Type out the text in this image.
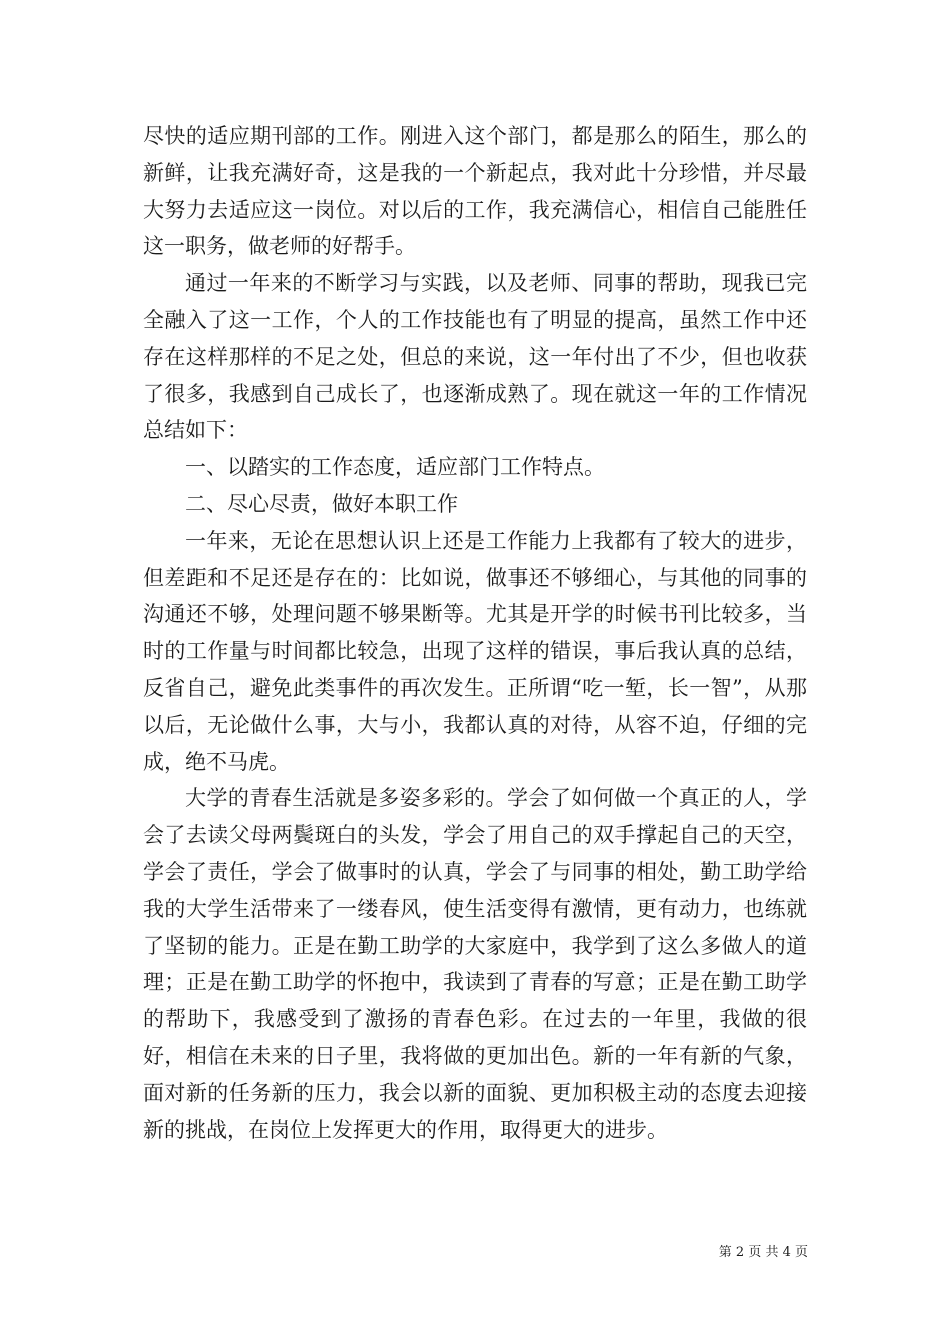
尽快的适应期刊部的工作。刚进入这个部门，都是那么的陌生，那么的新鲜，让我充满好奇，这是我的一个新起点，我对此十分珍惜，并尽最大努力去适应这一岗位。对以后的工作，我充满信心，相信自己能胜任这一职务，做老师的好帮手。

通过一年来的不断学习与实践，以及老师、同事的帮助，现我已完全融入了这一工作，个人的工作技能也有了明显的提高，虽然工作中还存在这样那样的不足之处，但总的来说，这一年付出了不少，但也收获了很多，我感到自己成长了，也逐渐成熟了。现在就这一年的工作情况总结如下：

一、以踏实的工作态度，适应部门工作特点。

二、尽心尽责，做好本职工作

一年来，无论在思想认识上还是工作能力上我都有了较大的进步，但差距和不足还是存在的：比如说，做事还不够细心，与其他的同事的沟通还不够，处理问题不够果断等。尤其是开学的时候书刊比较多，当时的工作量与时间都比较急，出现了这样的错误，事后我认真的总结，反省自己，避免此类事件的再次发生。正所谓“吃一堑，长一智”，从那以后，无论做什么事，大与小，我都认真的对待，从容不迫，仔细的完成，绝不马虎。

大学的青春生活就是多姿多彩的。学会了如何做一个真正的人，学会了去读父母两鬓斑白的头发，学会了用自己的双手撑起自己的天空，学会了责任，学会了做事时的认真，学会了与同事的相处，勤工助学给我的大学生活带来了一缕春风，使生活变得有激情，更有动力，也练就了坚韧的能力。正是在勤工助学的大家庭中，我学到了这么多做人的道理；正是在勤工助学的怀抱中，我读到了青春的写意；正是在勤工助学的帮助下，我感受到了激扬的青春色彩。在过去的一年里，我做的很好，相信在未来的日子里，我将做的更加出色。新的一年有新的气象，面对新的任务新的压力，我会以新的面貌、更加积极主动的态度去迎接新的挑战，在岗位上发挥更大的作用，取得更大的进步。

第 2 页 共 4 页
